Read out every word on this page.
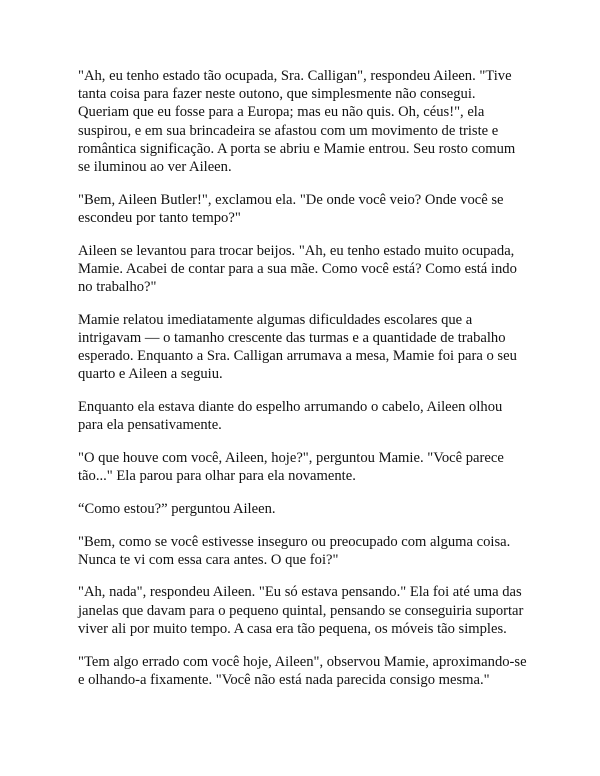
"Ah, eu tenho estado tão ocupada, Sra. Calligan", respondeu Aileen. "Tive tanta coisa para fazer neste outono, que simplesmente não consegui. Queriam que eu fosse para a Europa; mas eu não quis. Oh, céus!", ela suspirou, e em sua brincadeira se afastou com um movimento de triste e romântica significação. A porta se abriu e Mamie entrou. Seu rosto comum se iluminou ao ver Aileen.

"Bem, Aileen Butler!", exclamou ela. "De onde você veio? Onde você se escondeu por tanto tempo?"

Aileen se levantou para trocar beijos. "Ah, eu tenho estado muito ocupada, Mamie. Acabei de contar para a sua mãe. Como você está? Como está indo no trabalho?"

Mamie relatou imediatamente algumas dificuldades escolares que a intrigavam — o tamanho crescente das turmas e a quantidade de trabalho esperado. Enquanto a Sra. Calligan arrumava a mesa, Mamie foi para o seu quarto e Aileen a seguiu.

Enquanto ela estava diante do espelho arrumando o cabelo, Aileen olhou para ela pensativamente.

"O que houve com você, Aileen, hoje?", perguntou Mamie. "Você parece tão..." Ela parou para olhar para ela novamente.

“Como estou?” perguntou Aileen.

"Bem, como se você estivesse inseguro ou preocupado com alguma coisa. Nunca te vi com essa cara antes. O que foi?"

"Ah, nada", respondeu Aileen. "Eu só estava pensando." Ela foi até uma das janelas que davam para o pequeno quintal, pensando se conseguiria suportar viver ali por muito tempo. A casa era tão pequena, os móveis tão simples.

"Tem algo errado com você hoje, Aileen", observou Mamie, aproximando-se e olhando-a fixamente. "Você não está nada parecida consigo mesma."
